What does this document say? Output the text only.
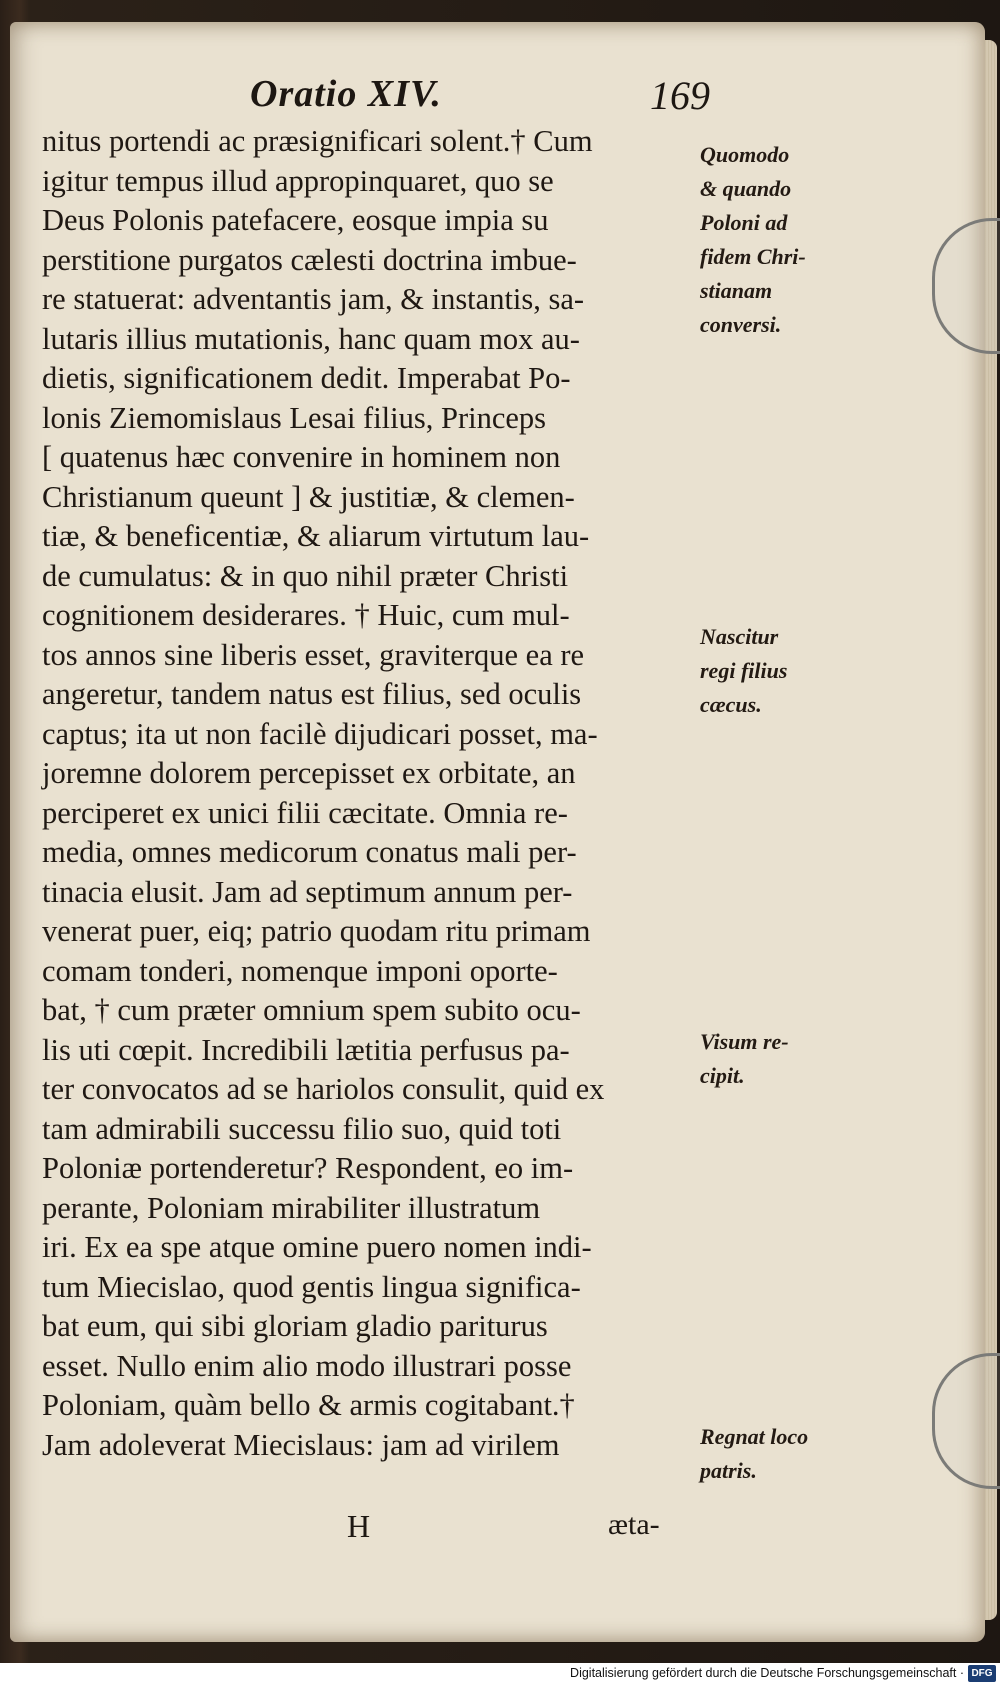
Oratio XIV.	169
nitus portendi ac præsignificari solent.† Cum
igitur tempus illud appropinquaret, quo se
Deus Polonis patefacere, eosque impia su
perstitione purgatos cælesti doctrina imbue-
re statuerat: adventantis jam, & instantis, sa-
lutaris illius mutationis, hanc quam mox au-
dietis, significationem dedit. Imperabat Po-
lonis Ziemomislaus Lesai filius, Princeps
[ quatenus hæc convenire in hominem non
Christianum queunt ] & justitiæ, & clemen-
tiæ, & beneficentiæ, & aliarum virtutum lau-
de cumulatus: & in quo nihil præter Christi
cognitionem desiderares. † Huic, cum mul-
tos annos sine liberis esset, graviterque ea re
angeretur, tandem natus est filius, sed oculis
captus; ita ut non facilè dijudicari posset, ma-
joremne dolorem percepisset ex orbitate, an
perciperet ex unici filii cæcitate. Omnia re-
media, omnes medicorum conatus mali per-
tinacia elusit. Jam ad septimum annum per-
venerat puer, eiq; patrio quodam ritu primam
comam tonderi, nomenque imponi oporte-
bat, † cum præter omnium spem subito ocu-
lis uti cœpit. Incredibili lætitia perfusus pa-
ter convocatos ad se hariolos consulit, quid ex
tam admirabili successu filio suo, quid toti
Poloniæ portenderetur? Respondent, eo im-
perante, Poloniam mirabiliter illustratum
iri. Ex ea spe atque omine puero nomen indi-
tum Miecislao, quod gentis lingua significa-
bat eum, qui sibi gloriam gladio pariturus
esset. Nullo enim alio modo illustrari posse
Poloniam, quàm bello & armis cogitabant.†
Jam adoleverat Miecislaus: jam ad virilem
Quomodo
& quando
Poloni ad
fidem Chri-
stianam
conversi.
Nascitur
regi filius
cæcus.
Visum re-
cipit.
Regnat loco
patris.
H	æta-
Digitalisierung gefördert durch die Deutsche Forschungsgemeinschaft · DFG
